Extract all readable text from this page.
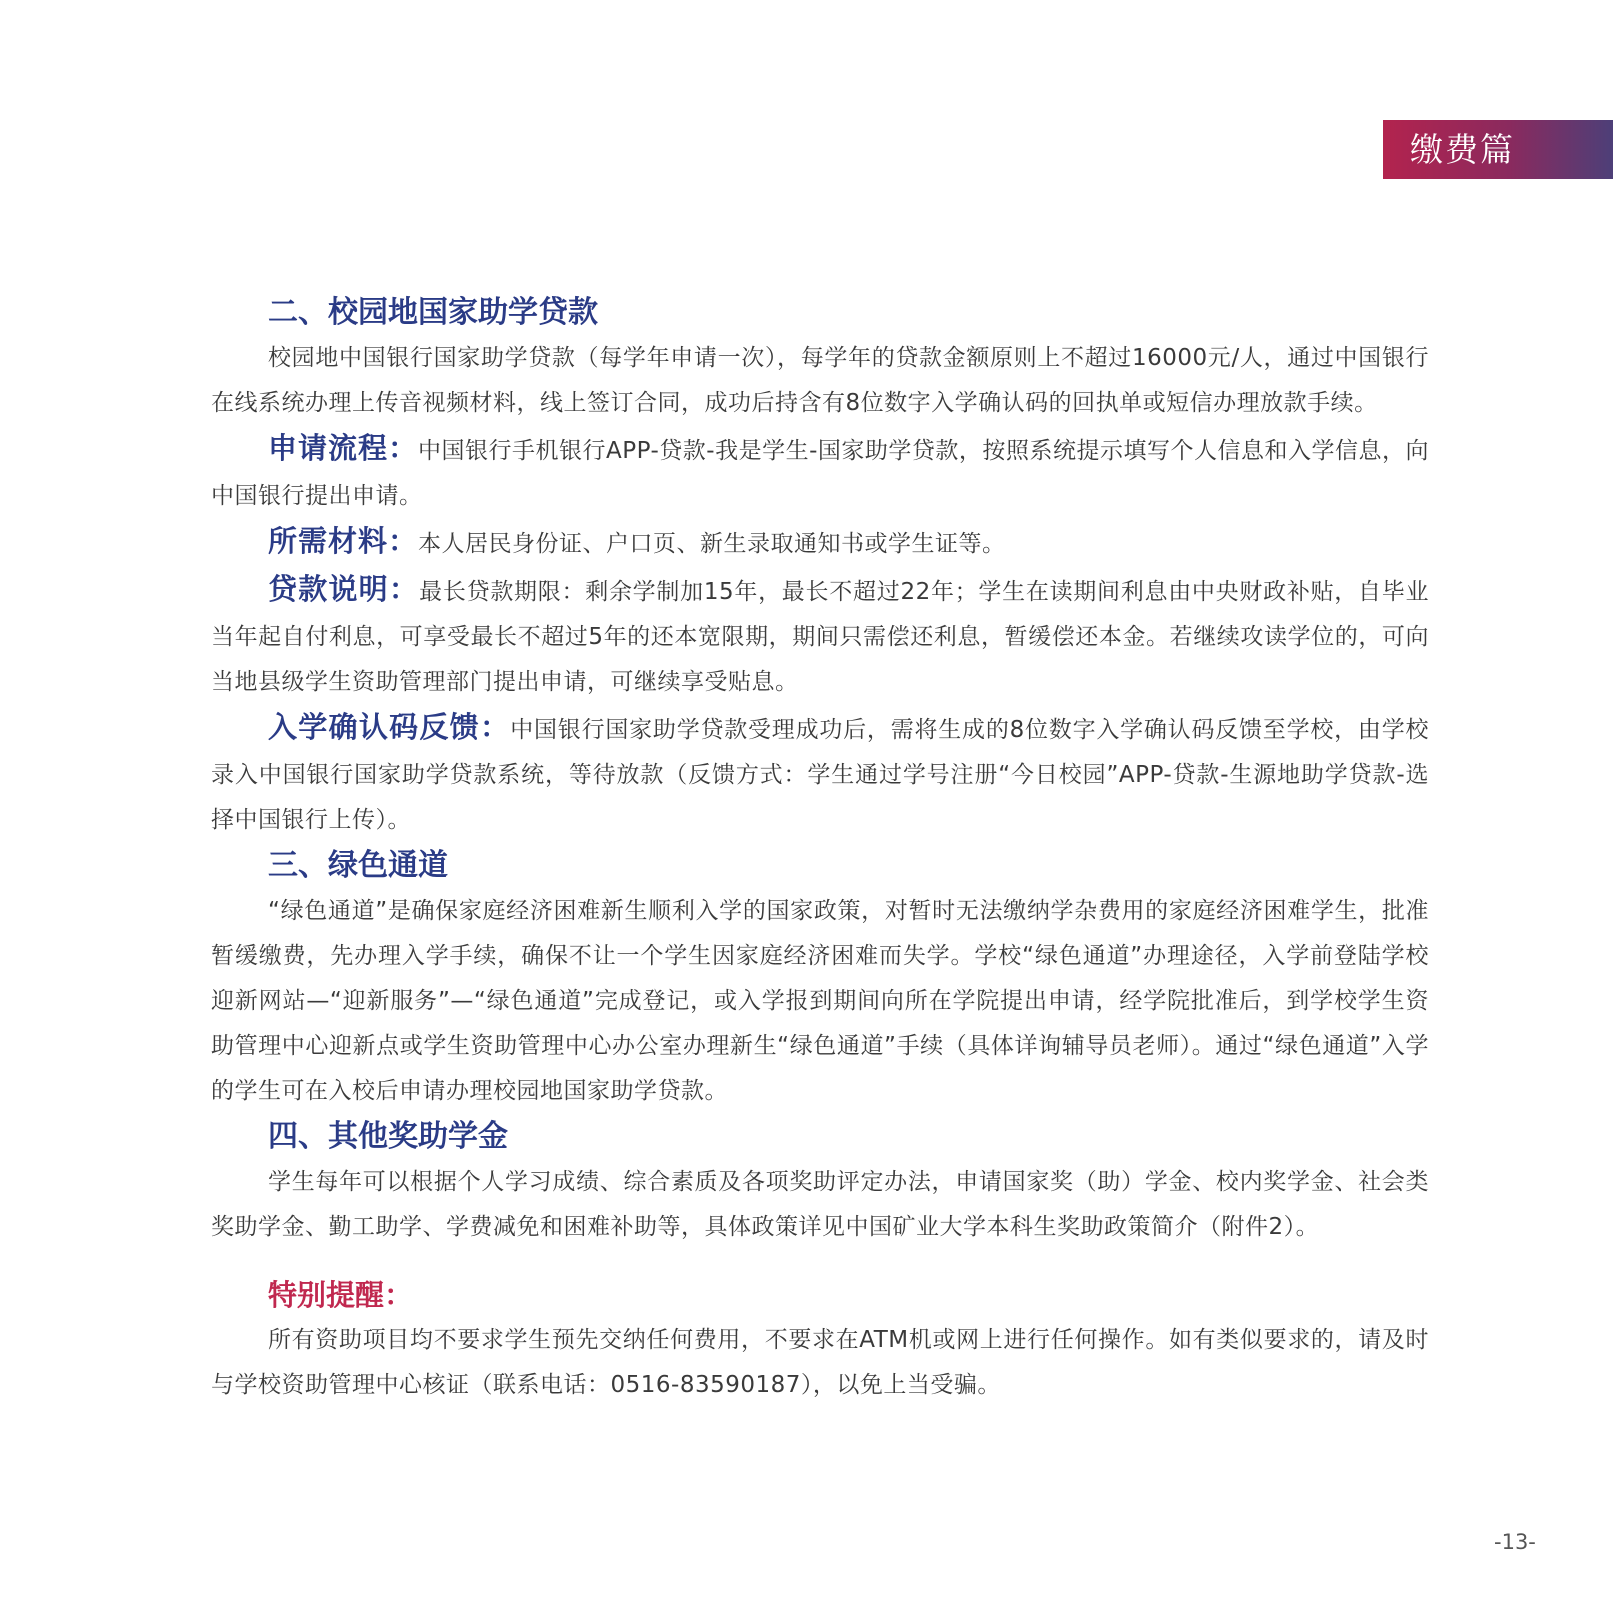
缴费篇
二、校园地国家助学贷款

校园地中国银行国家助学贷款（每学年申请一次），每学年的贷款金额原则上不超过16000元/人，通过中国银行在线系统办理上传音视频材料，线上签订合同，成功后持含有8位数字入学确认码的回执单或短信办理放款手续。

申请流程：中国银行手机银行APP-贷款-我是学生-国家助学贷款，按照系统提示填写个人信息和入学信息，向中国银行提出申请。

所需材料：本人居民身份证、户口页、新生录取通知书或学生证等。

贷款说明：最长贷款期限：剩余学制加15年，最长不超过22年；学生在读期间利息由中央财政补贴，自毕业当年起自付利息，可享受最长不超过5年的还本宽限期，期间只需偿还利息，暂缓偿还本金。若继续攻读学位的，可向当地县级学生资助管理部门提出申请，可继续享受贴息。

入学确认码反馈：中国银行国家助学贷款受理成功后，需将生成的8位数字入学确认码反馈至学校，由学校录入中国银行国家助学贷款系统，等待放款（反馈方式：学生通过学号注册“今日校园”APP-贷款-生源地助学贷款-选择中国银行上传）。

三、绿色通道

“绿色通道”是确保家庭经济困难新生顺利入学的国家政策，对暂时无法缴纳学杂费用的家庭经济困难学生，批准暂缓缴费，先办理入学手续，确保不让一个学生因家庭经济困难而失学。学校“绿色通道”办理途径，入学前登陆学校迎新网站—“迎新服务”—“绿色通道”完成登记，或入学报到期间向所在学院提出申请，经学院批准后，到学校学生资助管理中心迎新点或学生资助管理中心办公室办理新生“绿色通道”手续（具体详询辅导员老师）。通过“绿色通道”入学的学生可在入校后申请办理校园地国家助学贷款。

四、其他奖助学金

学生每年可以根据个人学习成绩、综合素质及各项奖助评定办法，申请国家奖（助）学金、校内奖学金、社会类奖助学金、勤工助学、学费减免和困难补助等，具体政策详见中国矿业大学本科生奖助政策简介（附件2）。

特别提醒：

所有资助项目均不要求学生预先交纳任何费用，不要求在ATM机或网上进行任何操作。如有类似要求的，请及时与学校资助管理中心核证（联系电话：0516-83590187），以免上当受骗。

-13-
